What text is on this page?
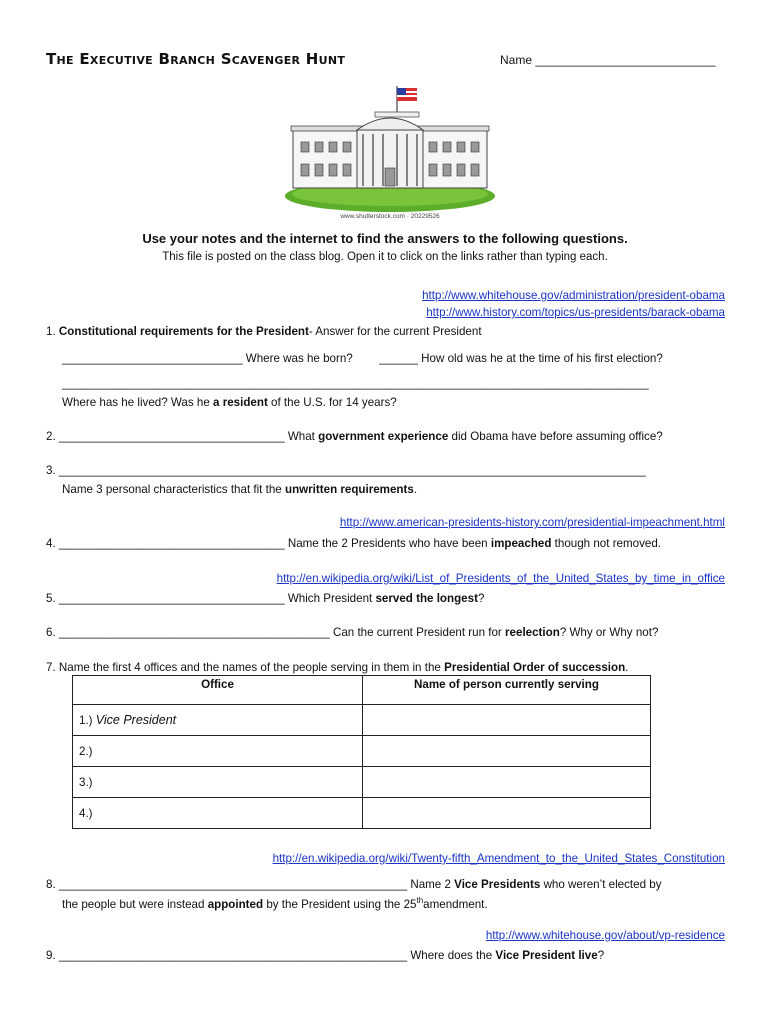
The Executive Branch Scavenger Hunt	Name ___________________________
www.shutterstock.com · 20229526
Use your notes and the internet to find the answers to the following questions.
This file is posted on the class blog. Open it to click on the links rather than typing each.
http://www.whitehouse.gov/administration/president-obama
http://www.history.com/topics/us-presidents/barack-obama
1. Constitutional requirements for the President- Answer for the current President
____________________________ Where was he born? ______ How old was he at the time of his first election?
___________________________________________________________________________________________
Where has he lived? Was he a resident of the U.S. for 14 years?
2. ___________________________________ What government experience did Obama have before assuming office?
3. ___________________________________________________________________________________________
Name 3 personal characteristics that fit the unwritten requirements.
http://www.american-presidents-history.com/presidential-impeachment.html
4. ___________________________________ Name the 2 Presidents who have been impeached though not removed.
http://en.wikipedia.org/wiki/List_of_Presidents_of_the_United_States_by_time_in_office
5. ___________________________________ Which President served the longest?
6. __________________________________________ Can the current President run for reelection? Why or Why not?
7. Name the first 4 offices and the names of the people serving in them in the Presidential Order of succession.
Office	Name of person currently serving
1.) Vice President	
2.)	
3.)	
4.)	
http://en.wikipedia.org/wiki/Twenty-fifth_Amendment_to_the_United_States_Constitution
8. ______________________________________________________ Name 2 Vice Presidents who weren’t elected by
the people but were instead appointed by the President using the 25thamendment.
http://www.whitehouse.gov/about/vp-residence
9. ______________________________________________________ Where does the Vice President live?
